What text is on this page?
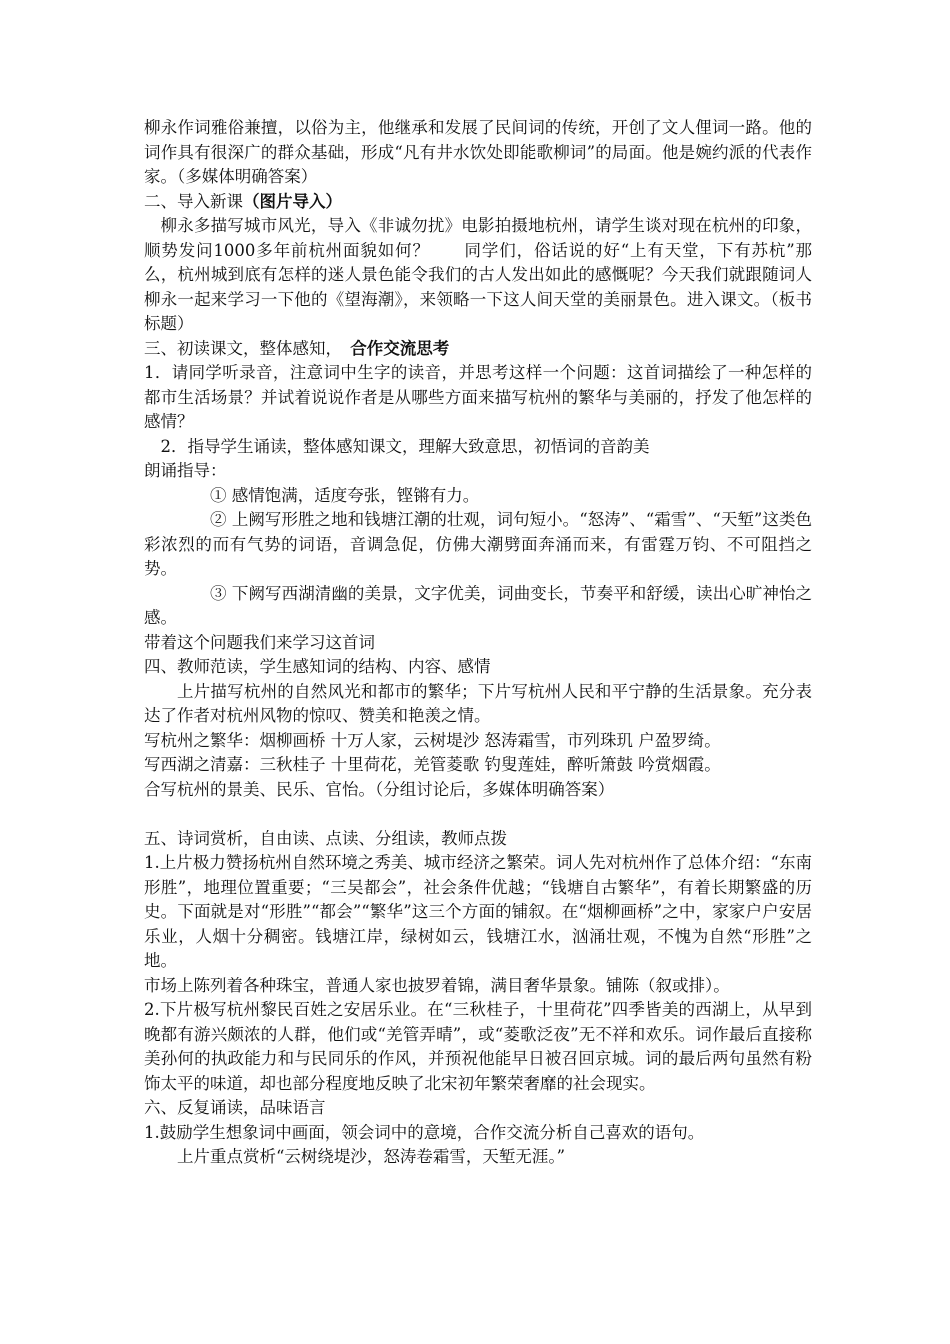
柳永作词雅俗兼擅，以俗为主，他继承和发展了民间词的传统，开创了文人俚词一路。他的词作具有很深广的群众基础，形成“凡有井水饮处即能歌柳词”的局面。他是婉约派的代表作家。（多媒体明确答案）

二、导入新课（图片导入）

柳永多描写城市风光，导入《非诚勿扰》电影拍摄地杭州，请学生谈对现在杭州的印象，顺势发问1000多年前杭州面貌如何？　　同学们，俗话说的好“上有天堂，下有苏杭”那么，杭州城到底有怎样的迷人景色能令我们的古人发出如此的感慨呢？今天我们就跟随词人柳永一起来学习一下他的《望海潮》，来领略一下这人间天堂的美丽景色。进入课文。（板书标题）

三、初读课文，整体感知，　合作交流思考

1．请同学听录音，注意词中生字的读音，并思考这样一个问题：这首词描绘了一种怎样的都市生活场景？并试着说说作者是从哪些方面来描写杭州的繁华与美丽的，抒发了他怎样的感情？

2．指导学生诵读，整体感知课文，理解大致意思，初悟词的音韵美

朗诵指导：

① 感情饱满，适度夸张，铿锵有力。

② 上阙写形胜之地和钱塘江潮的壮观，词句短小。“怒涛”、“霜雪”、“天堑”这类色彩浓烈的而有气势的词语，音调急促，仿佛大潮劈面奔涌而来，有雷霆万钧、不可阻挡之势。

③ 下阙写西湖清幽的美景，文字优美，词曲变长，节奏平和舒缓，读出心旷神怡之感。

带着这个问题我们来学习这首词

四、教师范读，学生感知词的结构、内容、感情

上片描写杭州的自然风光和都市的繁华；下片写杭州人民和平宁静的生活景象。充分表达了作者对杭州风物的惊叹、赞美和艳羡之情。

写杭州之繁华：烟柳画桥 十万人家，云树堤沙 怒涛霜雪，市列珠玑 户盈罗绮。

写西湖之清嘉：三秋桂子 十里荷花，羌管菱歌 钓叟莲娃，醉听箫鼓 吟赏烟霞。

合写杭州的景美、民乐、官怡。（分组讨论后，多媒体明确答案）

五、诗词赏析，自由读、点读、分组读，教师点拨

1.上片极力赞扬杭州自然环境之秀美、城市经济之繁荣。词人先对杭州作了总体介绍：“东南形胜”，地理位置重要；“三吴都会”，社会条件优越；“钱塘自古繁华”，有着长期繁盛的历史。下面就是对“形胜”“都会”“繁华”这三个方面的铺叙。在“烟柳画桥”之中，家家户户安居乐业，人烟十分稠密。钱塘江岸，绿树如云，钱塘江水，汹涌壮观，不愧为自然“形胜”之地。

市场上陈列着各种珠宝，普通人家也披罗着锦，满目奢华景象。铺陈（叙或排）。

2.下片极写杭州黎民百姓之安居乐业。在“三秋桂子，十里荷花”四季皆美的西湖上，从早到晚都有游兴颇浓的人群，他们或“羌管弄晴”，或“菱歌泛夜”无不祥和欢乐。词作最后直接称美孙何的执政能力和与民同乐的作风，并预祝他能早日被召回京城。词的最后两句虽然有粉饰太平的味道，却也部分程度地反映了北宋初年繁荣奢靡的社会现实。

六、反复诵读，品味语言

1.鼓励学生想象词中画面，领会词中的意境，合作交流分析自己喜欢的语句。

上片重点赏析“云树绕堤沙，怒涛卷霜雪，天堑无涯。”
